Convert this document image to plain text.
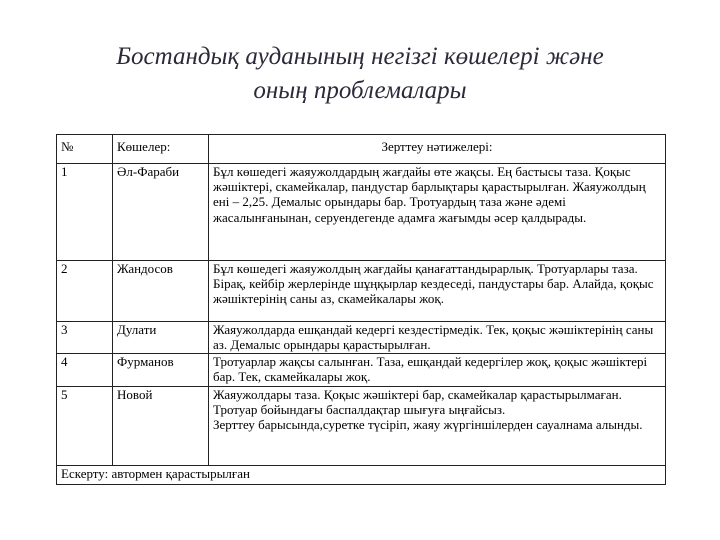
Бостандық ауданының негізгі көшелері және
оның проблемалары
№	Көшелер:	Зерттеу нәтижелері:
1	Әл-Фараби	Бұл көшедегі жаяужолдардың жағдайы өте жақсы. Ең бастысы таза. Қоқыс жәшіктері, скамейкалар, пандустар барлықтары қарастырылған. Жаяужолдың ені – 2,25. Демалыс орындары бар. Тротуардың таза және әдемі жасалынғанынан, серуендегенде адамға жағымды әсер қалдырады.
2	Жандосов	Бұл көшедегі жаяужолдың жағдайы қанағаттандырарлық. Тротуарлары таза. Бірақ, кейбір жерлерінде шұңқырлар кездеседі, пандустары бар. Алайда, қоқыс жәшіктерінің саны аз, скамейкалары жоқ.
3	Дулати	Жаяужолдарда ешқандай кедергі кездестірмедік. Тек, қоқыс жәшіктерінің саны аз. Демалыс орындары қарастырылған.
4	Фурманов	Тротуарлар жақсы салынған. Таза, ешқандай кедергілер жоқ, қоқыс жәшіктері бар. Тек, скамейкалары жоқ.
5	Новой	Жаяужолдары таза. Қоқыс жәшіктері бар, скамейкалар қарастырылмаған. Тротуар бойындағы баспалдақтар шығуға ыңғайсыз.
Зерттеу барысында,суретке түсіріп, жаяу жүргіншілерден сауалнама алынды.

Ескерту: автормен қарастырылған		
